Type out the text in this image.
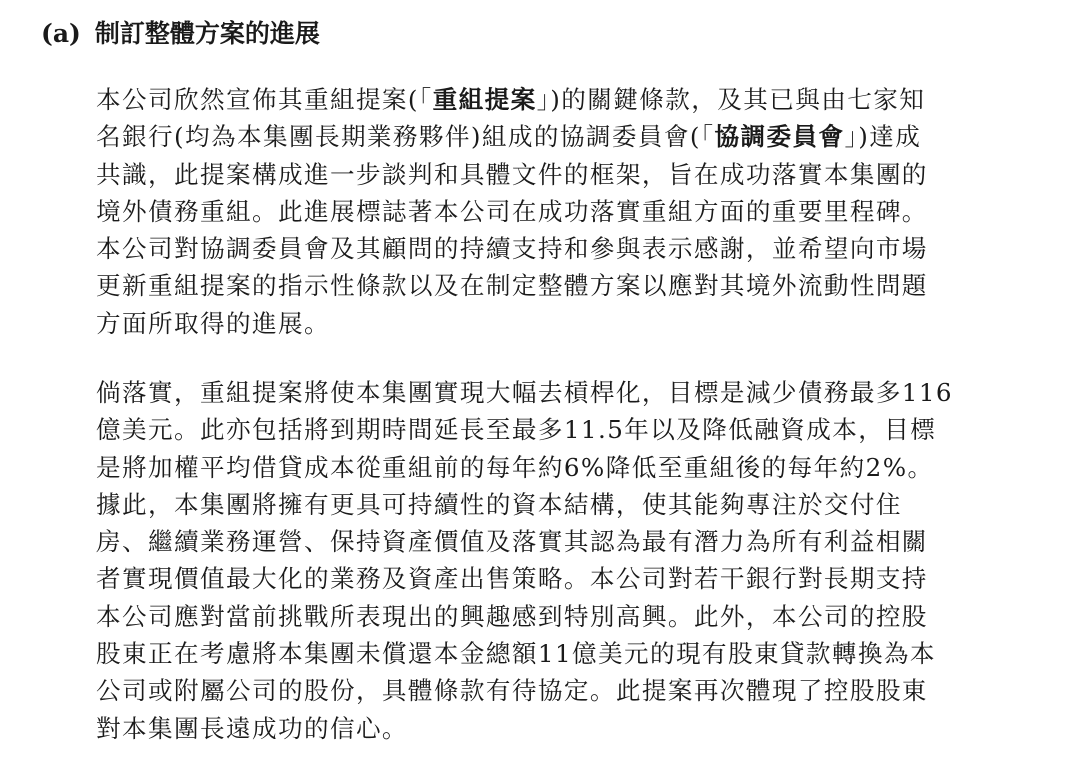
(a) 制訂整體方案的進展
本公司欣然宣佈其重組提案(「重組提案」)的關鍵條款，及其已與由七家知
名銀行(均為本集團長期業務夥伴)組成的協調委員會(「協調委員會」)達成
共識，此提案構成進一步談判和具體文件的框架，旨在成功落實本集團的
境外債務重組。此進展標誌著本公司在成功落實重組方面的重要里程碑。
本公司對協調委員會及其顧問的持續支持和參與表示感謝，並希望向市場
更新重組提案的指示性條款以及在制定整體方案以應對其境外流動性問題
方面所取得的進展。
倘落實，重組提案將使本集團實現大幅去槓桿化，目標是減少債務最多116
億美元。此亦包括將到期時間延長至最多11.5年以及降低融資成本，目標
是將加權平均借貸成本從重組前的每年約6%降低至重組後的每年約2%。
據此，本集團將擁有更具可持續性的資本結構，使其能夠專注於交付住
房、繼續業務運營、保持資產價值及落實其認為最有潛力為所有利益相關
者實現價值最大化的業務及資產出售策略。本公司對若干銀行對長期支持
本公司應對當前挑戰所表現出的興趣感到特別高興。此外，本公司的控股
股東正在考慮將本集團未償還本金總額11億美元的現有股東貸款轉換為本
公司或附屬公司的股份，具體條款有待協定。此提案再次體現了控股股東
對本集團長遠成功的信心。
